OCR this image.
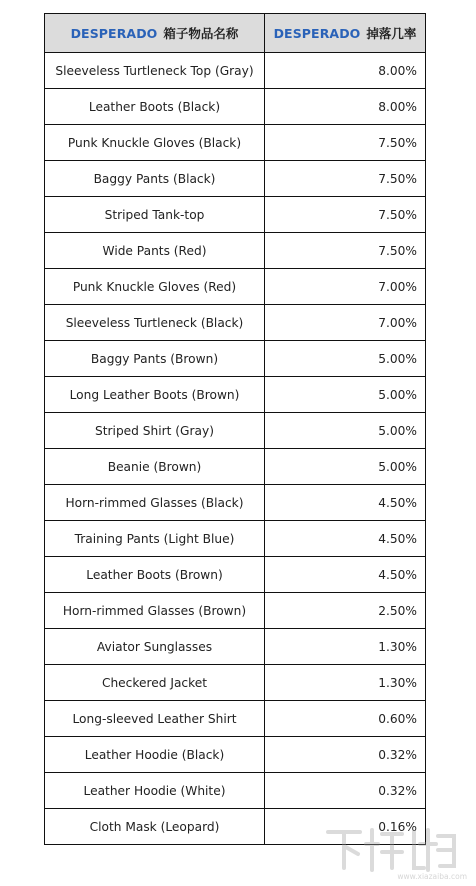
DESPERADO 箱子物品名称	DESPERADO 掉落几率
Sleeveless Turtleneck Top (Gray)	8.00%
Leather Boots (Black)	8.00%
Punk Knuckle Gloves (Black)	7.50%
Baggy Pants (Black)	7.50%
Striped Tank-top	7.50%
Wide Pants (Red)	7.50%
Punk Knuckle Gloves (Red)	7.00%
Sleeveless Turtleneck (Black)	7.00%
Baggy Pants (Brown)	5.00%
Long Leather Boots (Brown)	5.00%
Striped Shirt (Gray)	5.00%
Beanie (Brown)	5.00%
Horn-rimmed Glasses (Black)	4.50%
Training Pants (Light Blue)	4.50%
Leather Boots (Brown)	4.50%
Horn-rimmed Glasses (Brown)	2.50%
Aviator Sunglasses	1.30%
Checkered Jacket	1.30%
Long-sleeved Leather Shirt	0.60%
Leather Hoodie (Black)	0.32%
Leather Hoodie (White)	0.32%
Cloth Mask (Leopard)	0.16%
www.xiazaiba.com
